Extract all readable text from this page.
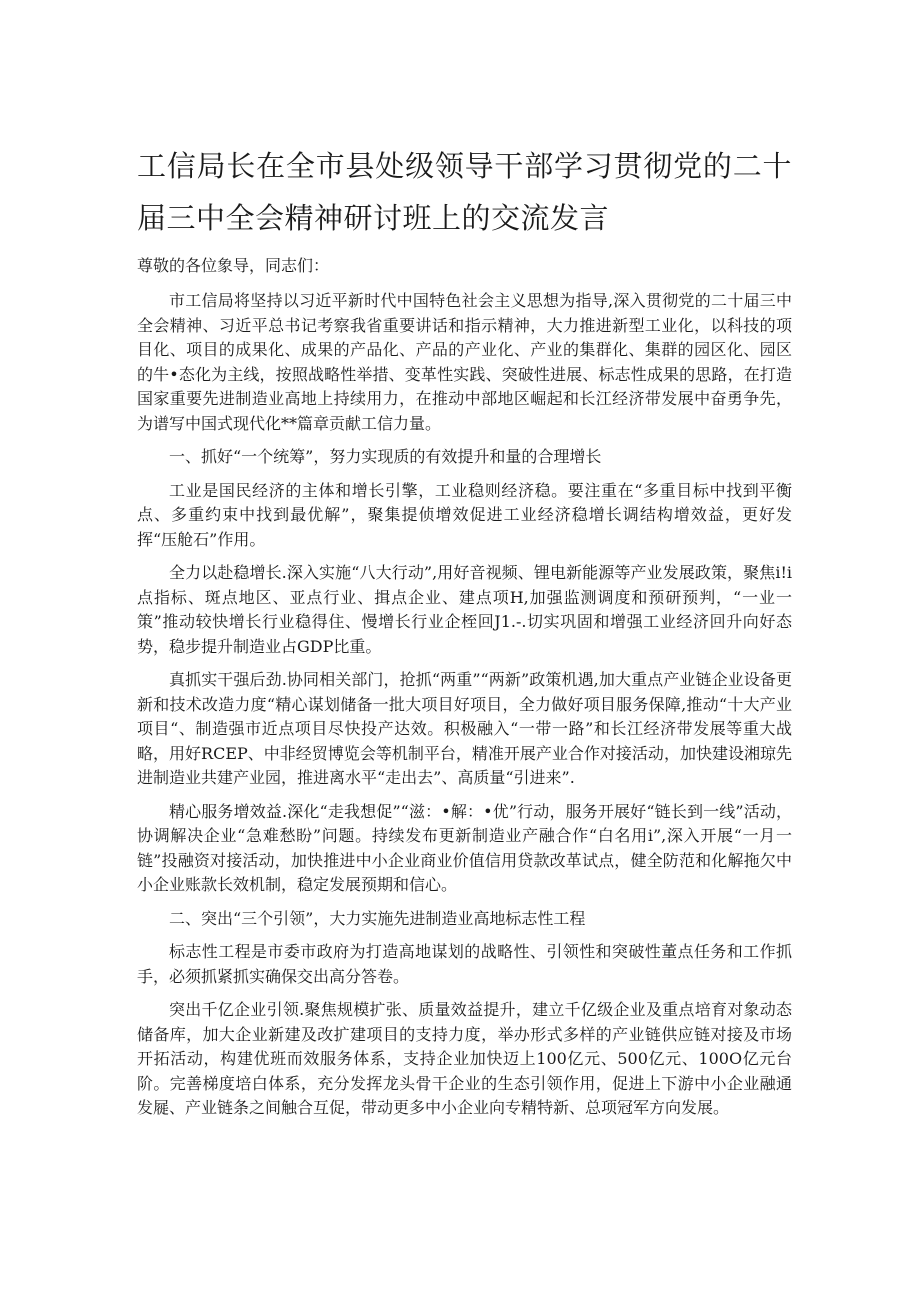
工信局长在全市县处级领导干部学习贯彻党的二十届三中全会精神研讨班上的交流发言

尊敬的各位象导，同志们：

市工信局将坚持以习近平新时代中国特色社会主义思想为指导,深入贯彻党的二十届三中全会精神、习近平总书记考察我省重要讲话和指示精神，大力推进新型工业化，以科技的项目化、项目的成果化、成果的产品化、产品的产业化、产业的集群化、集群的园区化、园区的牛•态化为主线，按照战略性举措、变革性实践、突破性进展、标志性成果的思路，在打造国家重要先进制造业高地上持续用力，在推动中部地区崛起和长江经济带发展中奋勇争先，为谱写中国式现代化**篇章贡献工信力量。

一、抓好“一个统筹”，努力实现质的有效提升和量的合理增长

工业是国民经济的主体和增长引擎，工业稳则经济稳。要注重在“多重目标中找到平衡点、多重约束中找到最优解”，聚集提侦增效促进工业经济稳增长调结构增效益，更好发挥“压舱石”作用。

全力以赴稳增长.深入实施“八大行动”,用好音视频、锂电新能源等产业发展政策，聚焦i!i点指标、斑点地区、亚点行业、揖点企业、建点项H,加强监测调度和预研预判，“一业一策”推动较快增长行业稳得住、慢增长行业企桎回J1.-.切实巩固和增强工业经济回升向好态势，稳步提升制造业占GDP比重。

真抓实干强后劲.协同相关部门，抢抓“两重”“两新”政策机遇,加大重点产业链企业设备更新和技术改造力度“精心谋划储备一批大项目好项目，全力做好项目服务保障,推动“十大产业项目“、制造强市近点项目尽快投产达效。积极融入“一带一路”和长江经济带发展等重大战略，用好RCEP、中非经贸博览会等机制平台，精准开展产业合作对接活动，加快建设湘琼先进制造业共建产业园，推进离水平“走出去”、高质量“引进来”.

精心服务增效益.深化“走我想促”“滋：•解：•优”行动，服务开展好“链长到一线”活动，协调解决企业“急难愁盼”问题。持续发布更新制造业产融合作“白名用i”,深入开展“一月一链”投融资对接活动，加快推进中小企业商业价值信用贷款改革试点，健全防范和化解拖欠中小企业账款长效机制，稳定发展预期和信心。

二、突出“三个引领”，大力实施先进制造业高地标志性工程

标志性工程是市委市政府为打造高地谋划的战略性、引领性和突破性董点任务和工作抓手，必须抓紧抓实确保交出高分答卷。

突出千亿企业引领.聚焦规模扩张、质量效益提升，建立千亿级企业及重点培育对象动态储备库，加大企业新建及改扩建项目的支持力度，举办形式多样的产业链供应链对接及市场开拓活动，构建优班而效服务体系，支持企业加快迈上100亿元、500亿元、100O亿元台阶。完善梯度培白体系，充分发挥龙头骨干企业的生态引领作用，促进上下游中小企业融通发屣、产业链条之间触合互促，带动更多中小企业向专精特新、总项冠军方向发展。
